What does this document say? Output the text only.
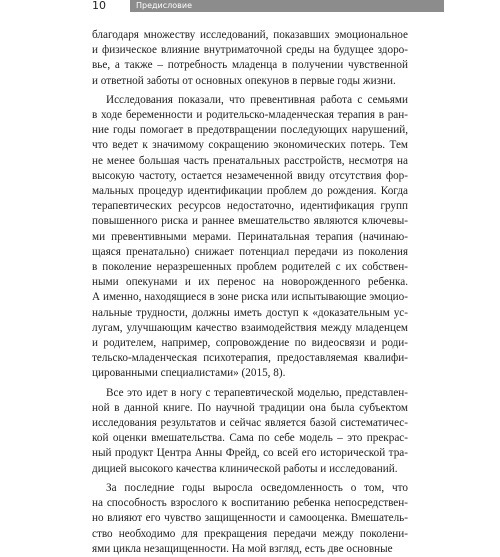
10	Предисловие
благодаря множеству исследований, показавших эмоциональное
и физическое влияние внутриматочной среды на будущее здоро-
вье, а также – потребность младенца в получении чувственной
и ответной заботы от основных опекунов в первые годы жизни.
Исследования показали, что превентивная работа с семьями
в ходе беременности и родительско-младенческая терапия в ран-
ние годы помогает в предотвращении последующих нарушений,
что ведет к значимому сокращению экономических потерь. Тем
не менее большая часть пренатальных расстройств, несмотря на
высокую частоту, остается незамеченной ввиду отсутствия фор-
мальных процедур идентификации проблем до рождения. Когда
терапевтических ресурсов недостаточно, идентификация групп
повышенного риска и раннее вмешательство являются ключевы-
ми превентивными мерами. Перинатальная терапия (начинаю-
щаяся пренатально) снижает потенциал передачи из поколения
в поколение неразрешенных проблем родителей с их собствен-
ными опекунами и их перенос на новорожденного ребенка.
А именно, находящиеся в зоне риска или испытывающие эмоцио-
нальные трудности, должны иметь доступ к «доказательным ус-
лугам, улучшающим качество взаимодействия между младенцем
и родителем, например, сопровождение по видеосвязи и роди-
тельско-младенческая психотерапия, предоставляемая квалифи-
цированными специалистами» (2015, 8).
Все это идет в ногу с терапевтической моделью, представлен-
ной в данной книге. По научной традиции она была субъектом
исследования результатов и сейчас является базой систематичес-
кой оценки вмешательства. Сама по себе модель – это прекрас-
ный продукт Центра Анны Фрейд, со всей его исторической тра-
дицией высокого качества клинической работы и исследований.
За последние годы выросла осведомленность о том, что
на способность взрослого к воспитанию ребенка непосредствен-
но влияют его чувство защищенности и самооценка. Вмешатель-
ство необходимо для прекращения передачи между поколени-
ями цикла незащищенности. На мой взгляд, есть две основные
